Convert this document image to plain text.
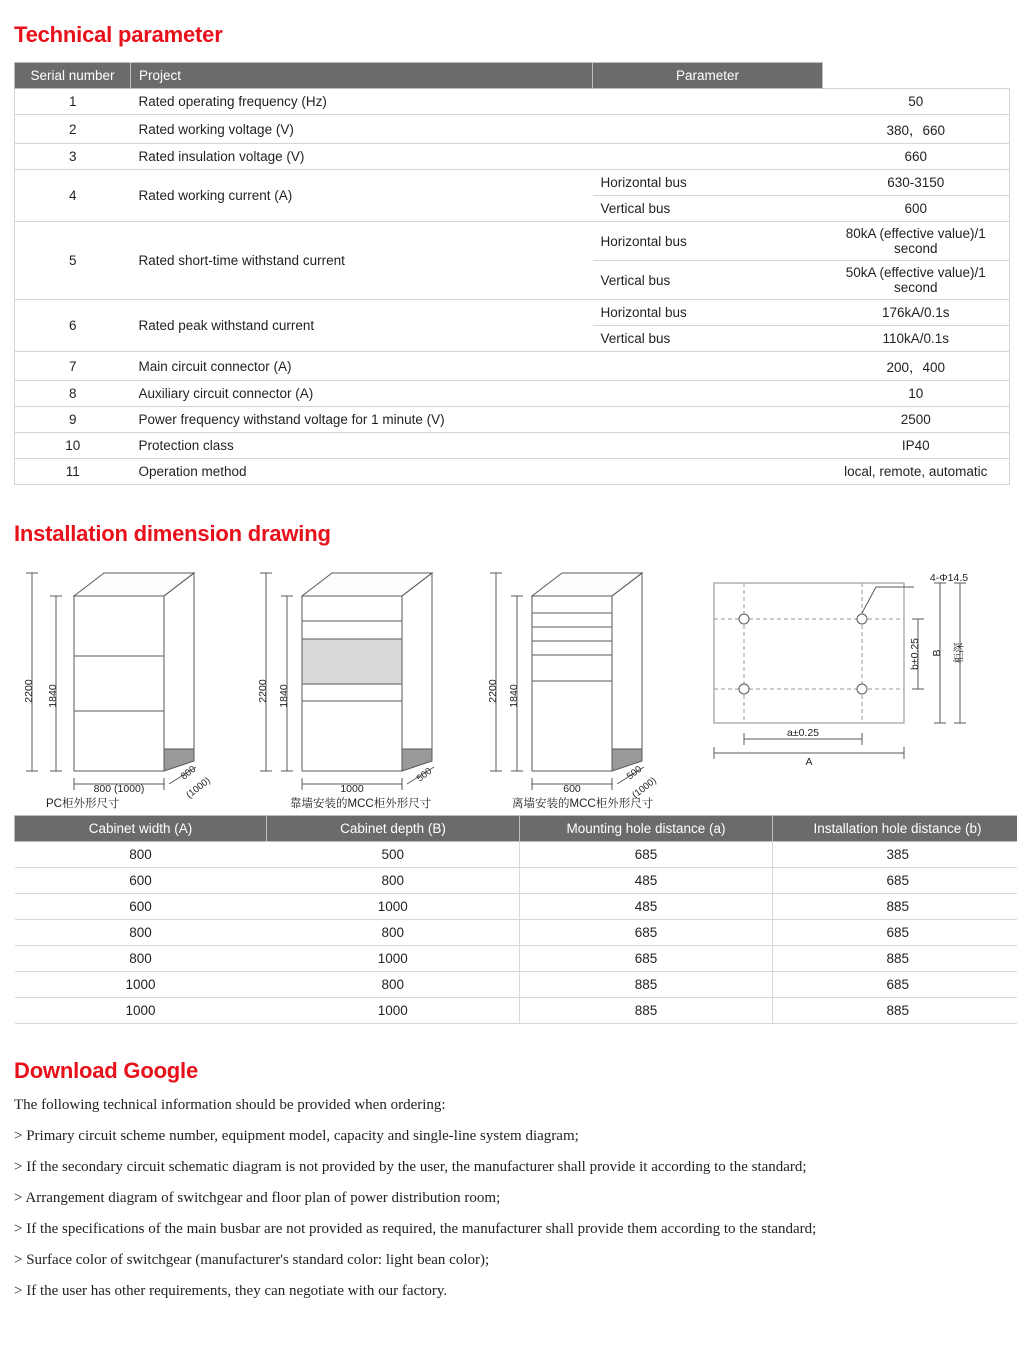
Technical parameter
Serial number	Project	Parameter	
1	Rated operating frequency (Hz)		50
2	Rated working voltage (V)		380，660
3	Rated insulation voltage (V)		660
4	Rated working current (A)	Horizontal bus	630-3150
		Vertical bus	600
5	Rated short-time withstand current	Horizontal bus	80kA (effective value)/1 second
		Vertical bus	50kA (effective value)/1 second
6	Rated peak withstand current	Horizontal bus	176kA/0.1s
		Vertical bus	110kA/0.1s
7	Main circuit connector (A)		200，400
8	Auxiliary circuit connector (A)		10
9	Power frequency withstand voltage for 1 minute (V)		2500
10	Protection class		IP40
11	Operation method		local, remote, automatic
Installation dimension drawing
2200 1840
800 (1000)
800
(1000)
PC柜外形尺寸
2200 1840
1000
500
靠墙安装的MCC柜外形尺寸
2200 1840
600
500
(1000)
离墙安装的MCC柜外形尺寸
4-Φ14.5
a±0.25
A
b±0.25 B 柜深
Cabinet width (A)	Cabinet depth (B)	Mounting hole distance (a)	Installation hole distance (b)
800	500	685	385
600	800	485	685
600	1000	485	885
800	800	685	685
800	1000	685	885
1000	800	885	685
1000	1000	885	885
Download Google

The following technical information should be provided when ordering:

> Primary circuit scheme number, equipment model, capacity and single-line system diagram;

> If the secondary circuit schematic diagram is not provided by the user, the manufacturer shall provide it according to the standard;

> Arrangement diagram of switchgear and floor plan of power distribution room;

> If the specifications of the main busbar are not provided as required, the manufacturer shall provide them according to the standard;

> Surface color of switchgear (manufacturer's standard color: light bean color);

> If the user has other requirements, they can negotiate with our factory.
